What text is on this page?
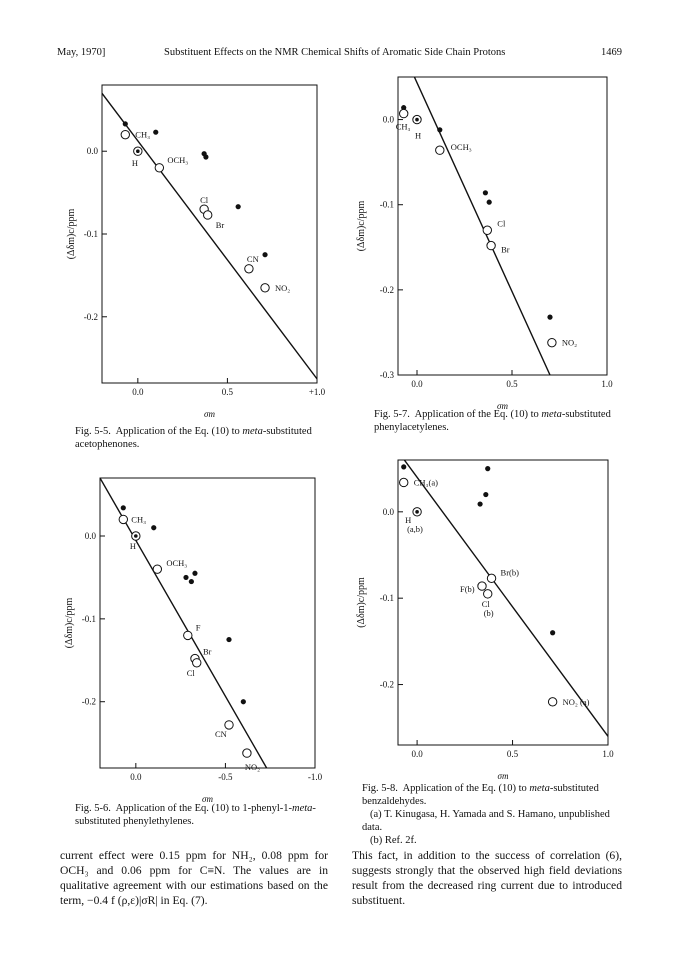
May, 1970]	Substituent Effects on the NMR Chemical Shifts of Aromatic Side Chain Protons	1469
0.0	0.5	+1.0
0.0
-0.1
-0.2
σm
(Δδm)c/ppm
CH₃
H	OCH₃
Cl
Br
CN
NO₂
0.0	0.5	1.0
0.0
-0.1
-0.2
-0.3
σm
(Δδm)c/ppm
CH₃
H
OCH₃
Cl
Br
NO₂
0.0	-0.5	-1.0
0.0
-0.1
-0.2
σm
(Δδm)c/ppm
CH₃
H
OCH₃
F
Br
Cl
CN
NO₂
0.0	0.5	1.0
0.0
-0.1
-0.2
σm
(Δδm)c/ppm
CH₃(a)
H
Br(b)
F(b)
Cl
NO₂ (a)
(a,b)
(b)
Fig. 5-5. Application of the Eq. (10) to meta-substituted acetophenones.
Fig. 5-7. Application of the Eq. (10) to meta-substituted phenylacetylenes.
Fig. 5-6. Application of the Eq. (10) to 1-phenyl-1-meta-substituted phenylethylenes.
Fig. 5-8. Application of the Eq. (10) to meta-substituted benzaldehydes.
(a) T. Kinugasa, H. Yamada and S. Hamano, unpublished data.
(b) Ref. 2f.
current effect were 0.15 ppm for NH₂, 0.08 ppm for OCH₃ and 0.06 ppm for C≡N. The values are in qualitative agreement with our estimations based on the term, −0.4 f (ρ,ε)|σR| in Eq. (7).
This fact, in addition to the success of correlation (6), suggests strongly that the observed high field deviations result from the decreased ring current due to introduced substituent.
